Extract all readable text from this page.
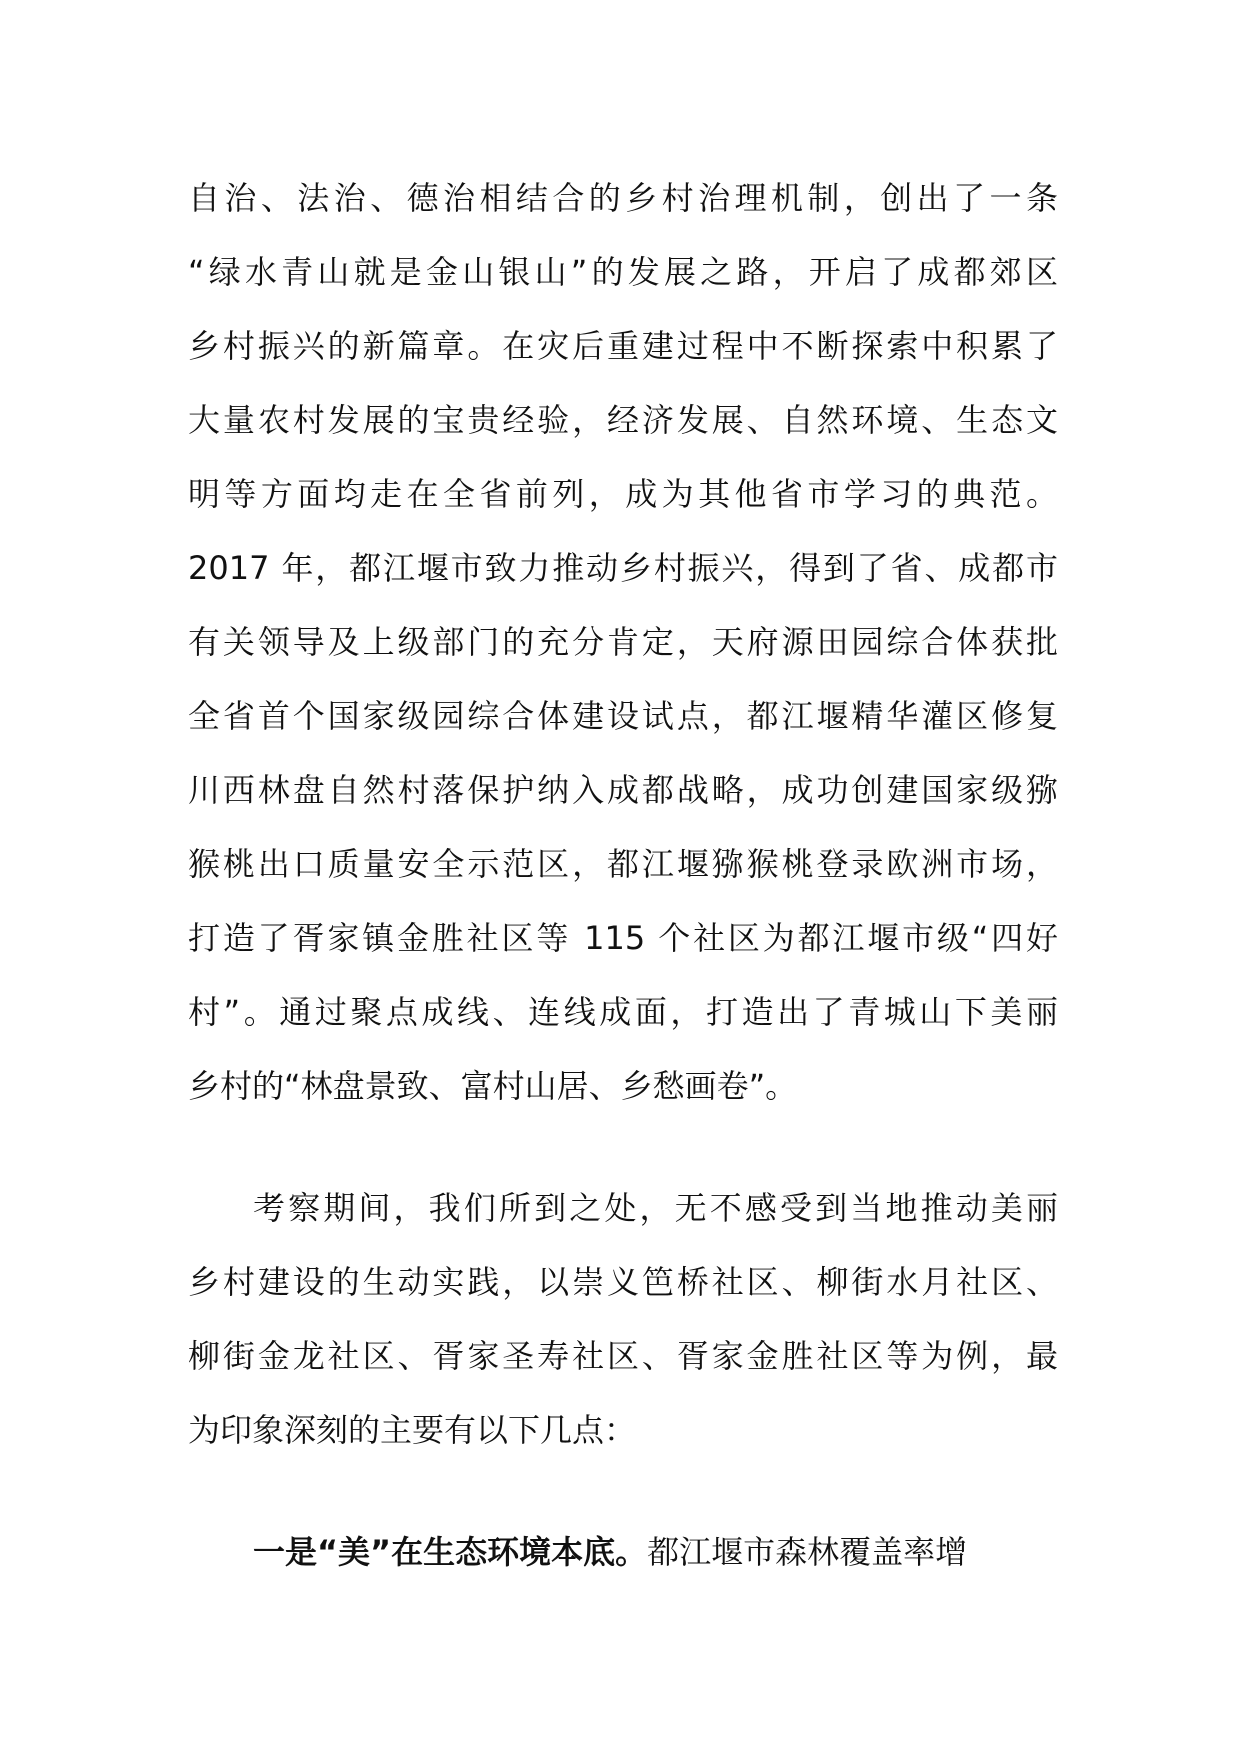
自治、法治、德治相结合的乡村治理机制，创出了一条
“绿水青山就是金山银山”的发展之路，开启了成都郊区
乡村振兴的新篇章。在灾后重建过程中不断探索中积累了
大量农村发展的宝贵经验，经济发展、自然环境、生态文
明等方面均走在全省前列，成为其他省市学习的典范。
2017 年，都江堰市致力推动乡村振兴，得到了省、成都市
有关领导及上级部门的充分肯定，天府源田园综合体获批
全省首个国家级园综合体建设试点，都江堰精华灌区修复
川西林盘自然村落保护纳入成都战略，成功创建国家级猕
猴桃出口质量安全示范区，都江堰猕猴桃登录欧洲市场，
打造了胥家镇金胜社区等 115 个社区为都江堰市级“四好
村”。通过聚点成线、连线成面，打造出了青城山下美丽
乡村的“林盘景致、富村山居、乡愁画卷”。
考察期间，我们所到之处，无不感受到当地推动美丽
乡村建设的生动实践，以崇义笆桥社区、柳街水月社区、
柳街金龙社区、胥家圣寿社区、胥家金胜社区等为例，最
为印象深刻的主要有以下几点：
一是“美”在生态环境本底。都江堰市森林覆盖率增
